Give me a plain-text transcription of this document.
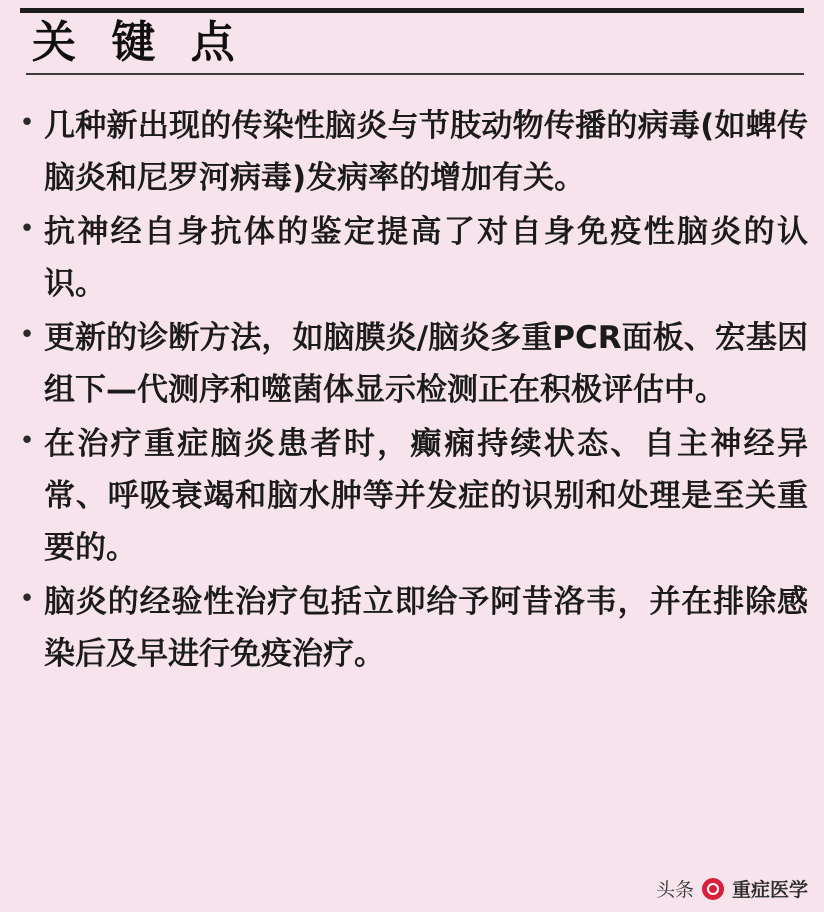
关 键 点
• 几种新出现的传染性脑炎与节肢动物传播的病毒(如蜱传脑炎和尼罗河病毒)发病率的增加有关。
• 抗神经自身抗体的鉴定提高了对自身免疫性脑炎的认识。
• 更新的诊断方法，如脑膜炎/脑炎多重PCR面板、宏基因组下—代测序和噬菌体显示检测正在积极评估中。
• 在治疗重症脑炎患者时，癫痫持续状态、自主神经异常、呼吸衰竭和脑水肿等并发症的识别和处理是至关重要的。
• 脑炎的经验性治疗包括立即给予阿昔洛韦，并在排除感染后及早进行免疫治疗。
头条 重症医学
